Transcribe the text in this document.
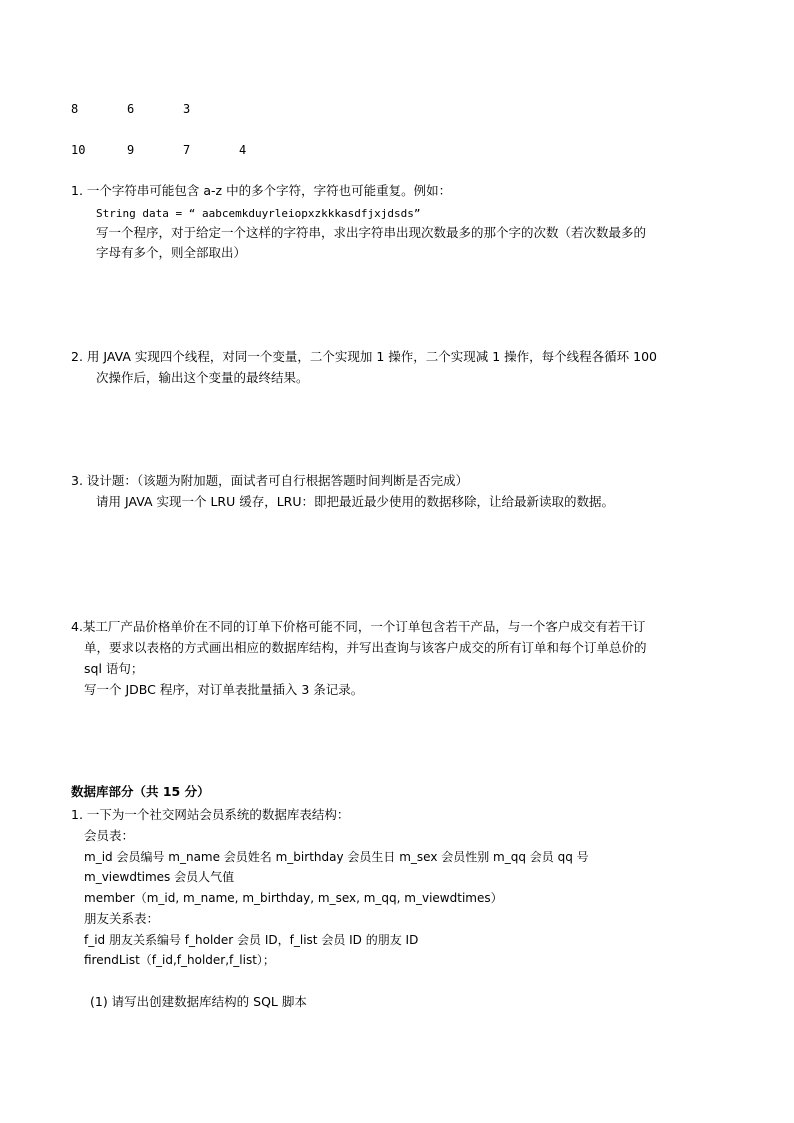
8	6	3
10	9	7	4
1. 一个字符串可能包含 a-z 中的多个字符，字符也可能重复。例如：
String data = “ aabcemkduyrleiopxzkkkasdfjxjdsds”
写一个程序，对于给定一个这样的字符串，求出字符串出现次数最多的那个字的次数（若次数最多的
字母有多个，则全部取出）
2. 用 JAVA 实现四个线程，对同一个变量，二个实现加 1 操作，二个实现减 1 操作，每个线程各循环 100
次操作后，输出这个变量的最终结果。
3. 设计题：（该题为附加题，面试者可自行根据答题时间判断是否完成）
请用 JAVA 实现一个 LRU 缓存，LRU：即把最近最少使用的数据移除，让给最新读取的数据。
4.某工厂产品价格单价在不同的订单下价格可能不同，一个订单包含若干产品，与一个客户成交有若干订
单，要求以表格的方式画出相应的数据库结构，并写出查询与该客户成交的所有订单和每个订单总价的
sql 语句；
写一个 JDBC 程序，对订单表批量插入 3 条记录。
数据库部分（共 15 分）
1. 一下为一个社交网站会员系统的数据库表结构：
会员表：
m_id 会员编号 m_name 会员姓名 m_birthday 会员生日 m_sex 会员性别 m_qq 会员 qq 号
m_viewdtimes 会员人气值
member（m_id, m_name, m_birthday, m_sex, m_qq, m_viewdtimes）
朋友关系表：
f_id 朋友关系编号 f_holder 会员 ID，f_list 会员 ID 的朋友 ID
firendList（f_id,f_holder,f_list）；
(1) 请写出创建数据库结构的 SQL 脚本
